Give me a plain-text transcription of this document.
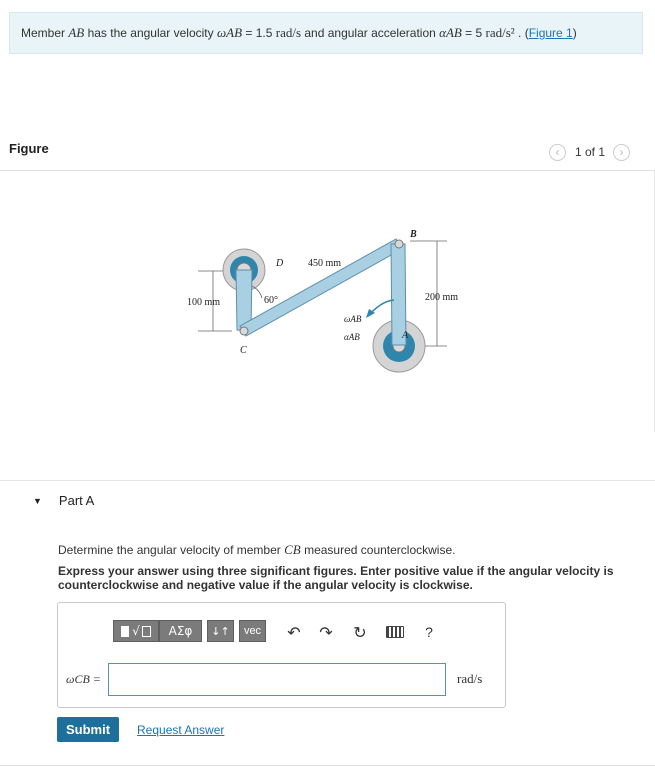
Member AB has the angular velocity ωAB = 1.5 rad/s and angular acceleration αAB = 5 rad/s² . (Figure 1)
Figure	‹	1 of 1	›
B
D
A
C
450 mm
200 mm
100 mm	60°
ωAB
αAB
▼ Part A
Determine the angular velocity of member CB measured counterclockwise.
Express your answer using three significant figures. Enter positive value if the angular velocity is counterclockwise and negative value if the angular velocity is clockwise.
√	ΑΣφ	↓↑	vec	↶ ↷ ↻	?
ωCB =	rad/s
Submit	Request Answer
